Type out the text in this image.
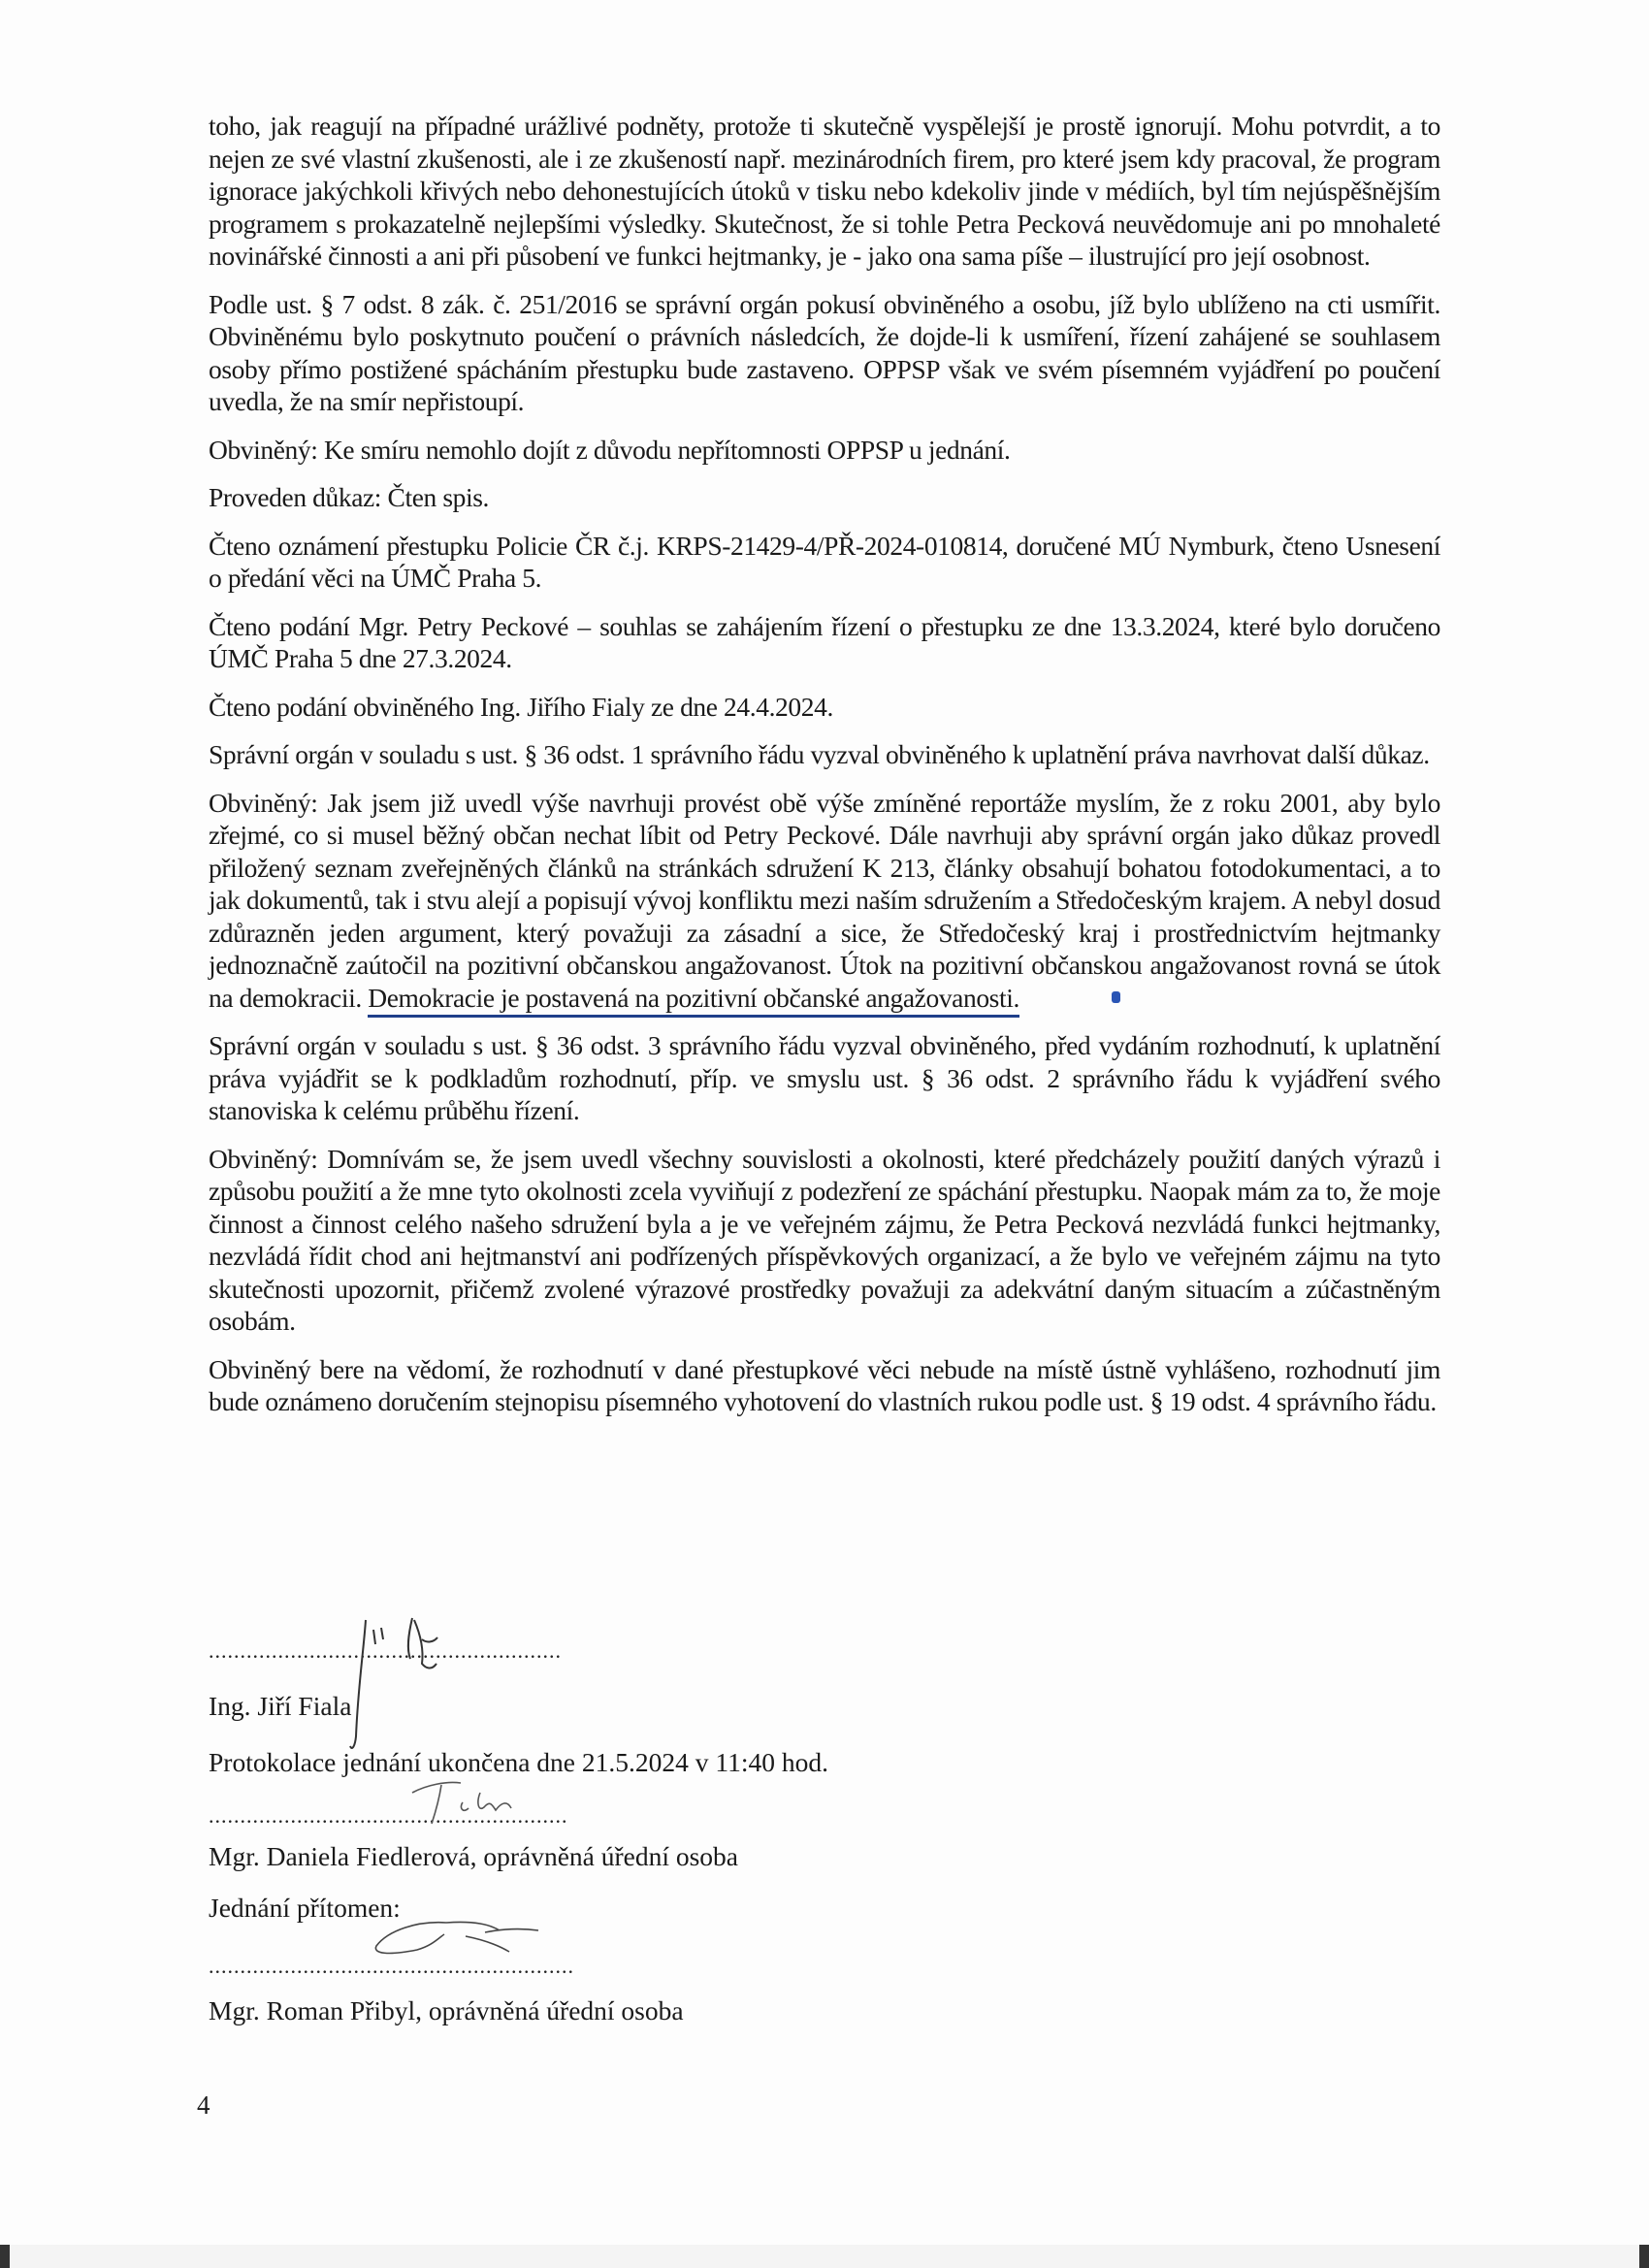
toho, jak reagují na případné urážlivé podněty, protože ti skutečně vyspělejší je prostě ignorují. Mohu potvrdit, a to nejen ze své vlastní zkušenosti, ale i ze zkušeností např. mezinárodních firem, pro které jsem kdy pracoval, že program ignorace jakýchkoli křivých nebo dehonestujících útoků v tisku nebo kdekoliv jinde v médiích, byl tím nejúspěšnějším programem s prokazatelně nejlepšími výsledky. Skutečnost, že si tohle Petra Pecková neuvědomuje ani po mnohaleté novinářské činnosti a ani při působení ve funkci hejtmanky, je - jako ona sama píše – ilustrující pro její osobnost.

Podle ust. § 7 odst. 8 zák. č. 251/2016 se správní orgán pokusí obviněného a osobu, jíž bylo ublíženo na cti usmířit. Obviněnému bylo poskytnuto poučení o právních následcích, že dojde-li k usmíření, řízení zahájené se souhlasem osoby přímo postižené spácháním přestupku bude zastaveno. OPPSP však ve svém písemném vyjádření po poučení uvedla, že na smír nepřistoupí.

Obviněný: Ke smíru nemohlo dojít z důvodu nepřítomnosti OPPSP u jednání.

Proveden důkaz: Čten spis.

Čteno oznámení přestupku Policie ČR č.j. KRPS-21429-4/PŘ-2024-010814, doručené MÚ Nymburk, čteno Usnesení o předání věci na ÚMČ Praha 5.

Čteno podání Mgr. Petry Peckové – souhlas se zahájením řízení o přestupku ze dne 13.3.2024, které bylo doručeno ÚMČ Praha 5 dne 27.3.2024.

Čteno podání obviněného Ing. Jiřího Fialy ze dne 24.4.2024.

Správní orgán v souladu s ust. § 36 odst. 1 správního řádu vyzval obviněného k uplatnění práva navrhovat další důkaz.

Obviněný: Jak jsem již uvedl výše navrhuji provést obě výše zmíněné reportáže myslím, že z roku 2001, aby bylo zřejmé, co si musel běžný občan nechat líbit od Petry Peckové. Dále navrhuji aby správní orgán jako důkaz provedl přiložený seznam zveřejněných článků na stránkách sdružení K 213, články obsahují bohatou fotodokumentaci, a to jak dokumentů, tak i stvu alejí a popisují vývoj konfliktu mezi naším sdružením a Středočeským krajem. A nebyl dosud zdůrazněn jeden argument, který považuji za zásadní a sice, že Středočeský kraj i prostřednictvím hejtmanky jednoznačně zaútočil na pozitivní občanskou angažovanost. Útok na pozitivní občanskou angažovanost rovná se útok na demokracii. Demokracie je postavená na pozitivní občanské angažovanosti.

Správní orgán v souladu s ust. § 36 odst. 3 správního řádu vyzval obviněného, před vydáním rozhodnutí, k uplatnění práva vyjádřit se k podkladům rozhodnutí, příp. ve smyslu ust. § 36 odst. 2 správního řádu k vyjádření svého stanoviska k celému průběhu řízení.

Obviněný: Domnívám se, že jsem uvedl všechny souvislosti a okolnosti, které předcházely použití daných výrazů i způsobu použití a že mne tyto okolnosti zcela vyviňují z podezření ze spáchání přestupku. Naopak mám za to, že moje činnost a činnost celého našeho sdružení byla a je ve veřejném zájmu, že Petra Pecková nezvládá funkci hejtmanky, nezvládá řídit chod ani hejtmanství ani podřízených příspěvkových organizací, a že bylo ve veřejném zájmu na tyto skutečnosti upozornit, přičemž zvolené výrazové prostředky považuji za adekvátní daným situacím a zúčastněným osobám.

Obviněný bere na vědomí, že rozhodnutí v dané přestupkové věci nebude na místě ústně vyhlášeno, rozhodnutí jim bude oznámeno doručením stejnopisu písemného vyhotovení do vlastních rukou podle ust. § 19 odst. 4 správního řádu.

........................................................
Ing. Jiří Fiala
Protokolace jednání ukončena dne 21.5.2024 v 11:40 hod.
.........................................................
Mgr. Daniela Fiedlerová, oprávněná úřední osoba
Jednání přítomen:
..........................................................
Mgr. Roman Přibyl, oprávněná úřední osoba
4
